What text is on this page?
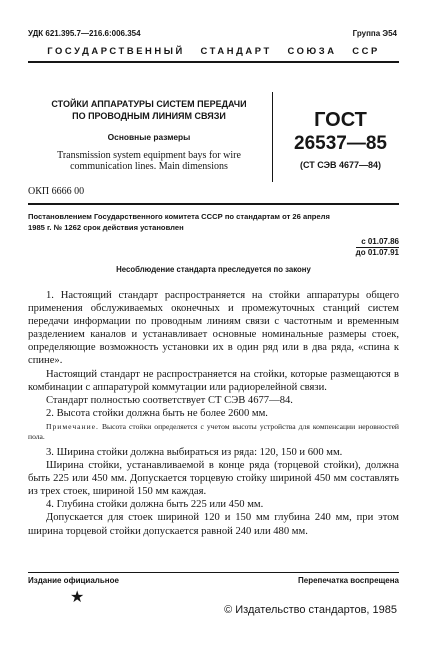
УДК 621.395.7—216.6:006.354	Группа Э54
ГОСУДАРСТВЕННЫЙ   СТАНДАРТ   СОЮЗА   ССР
СТОЙКИ АППАРАТУРЫ СИСТЕМ ПЕРЕДАЧИ
ПО ПРОВОДНЫМ ЛИНИЯМ СВЯЗИ
Основные размеры
Transmission system equipment bays for wire
communication lines. Main dimensions
ГОСТ
26537—85
(СТ СЭВ 4677—84)
ОКП 6666 00
Постановлением Государственного комитета СССР по стандартам от 26 апреля
1985 г. № 1262 срок действия установлен
с 01.07.86
до 01.07.91
Несоблюдение стандарта преследуется по закону

1. Настоящий стандарт распространяется на стойки аппаратуры общего применения обслуживаемых оконечных и промежуточных станций систем передачи информации по проводным линиям связи с частотным и временным разделением каналов и устанавливает основные номинальные размеры стоек, определяющие возможность установки их в один ряд или в два ряда, «спина к спине».

Настоящий стандарт не распространяется на стойки, которые размещаются в комбинации с аппаратурой коммутации или радиорелейной связи.

Стандарт полностью соответствует СТ СЭВ 4677—84.

2. Высота стойки должна быть не более 2600 мм.

Примечание. Высота стойки определяется с учетом высоты устройства для компенсации неровностей пола.

3. Ширина стойки должна выбираться из ряда: 120, 150 и 600 мм.

Ширина стойки, устанавливаемой в конце ряда (торцевой стойки), должна быть 225 или 450 мм. Допускается торцевую стойку шириной 450 мм составлять из трех стоек, шириной 150 мм каждая.

4. Глубина стойки должна быть 225 или 450 мм.

Допускается для стоек шириной 120 и 150 мм глубина 240 мм, при этом ширина торцевой стойки допускается равной 240 или 480 мм.

Издание официальное	Перепечатка воспрещена
★
© Издательство стандартов, 1985
